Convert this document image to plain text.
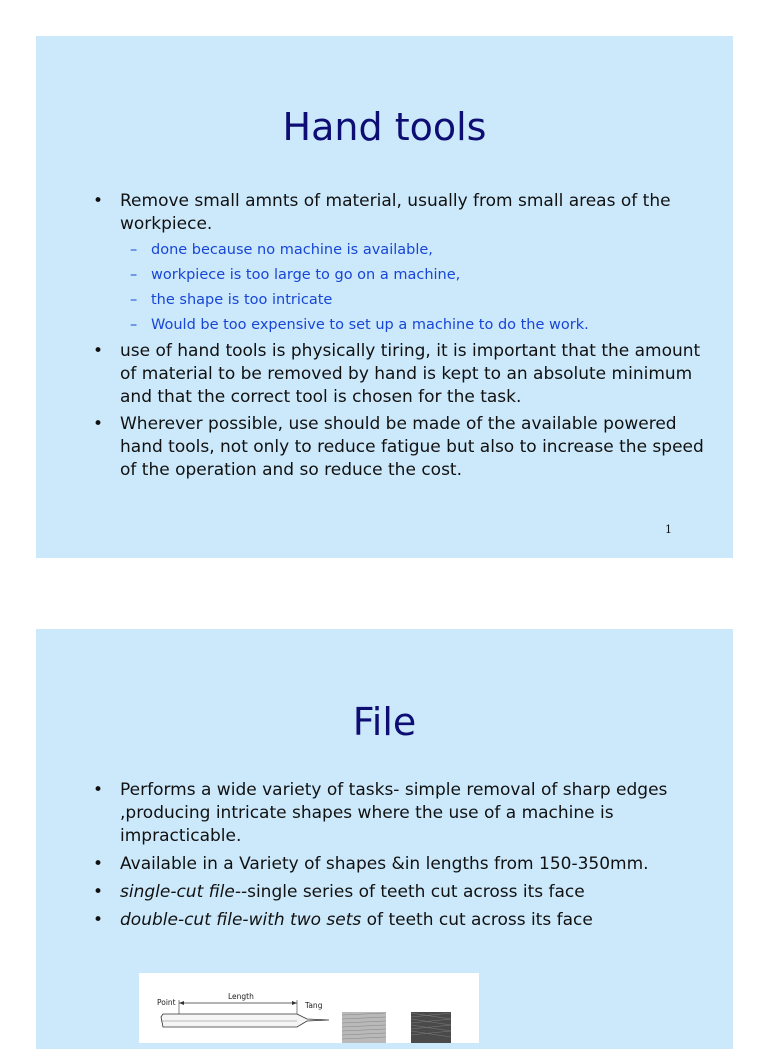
Hand tools
• Remove small amnts of material, usually from small areas of the workpiece.
– done because no machine is available,
– workpiece is too large to go on a machine,
– the shape is too intricate
– Would be too expensive to set up a machine to do the work.
• use of hand tools is physically tiring, it is important that the amount of material to be removed by hand is kept to an absolute minimum and that the correct tool is chosen for the task.
• Wherever possible, use should be made of the available powered hand tools, not only to reduce fatigue but also to increase the speed of the operation and so reduce the cost.
1
File
• Performs a wide variety of tasks- simple removal of sharp edges ,producing intricate shapes where the use of a machine is impracticable.
• Available in a Variety of shapes &in lengths from 150-350mm.
• single-cut file--single series of teeth cut across its face
• double-cut file-with two sets of teeth cut across its face
Point
Length
Tang
